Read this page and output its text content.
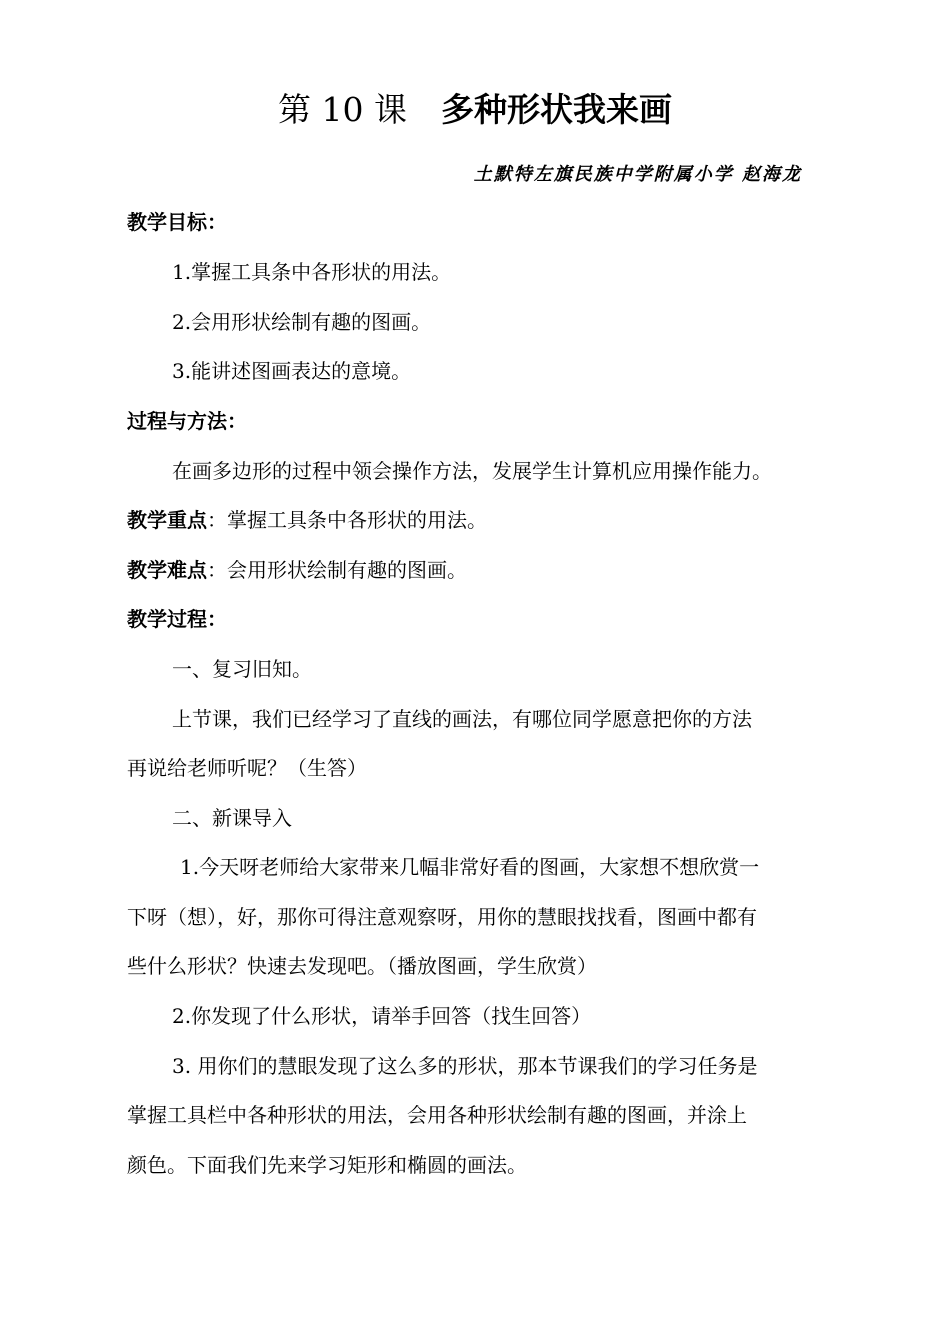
第 10 课 多种形状我来画
土默特左旗民族中学附属小学 赵海龙
教学目标：
1.掌握工具条中各形状的用法。
2.会用形状绘制有趣的图画。
3.能讲述图画表达的意境。
过程与方法：
在画多边形的过程中领会操作方法，发展学生计算机应用操作能力。
教学重点：掌握工具条中各形状的用法。
教学难点：会用形状绘制有趣的图画。
教学过程：
一、复习旧知。
上节课，我们已经学习了直线的画法，有哪位同学愿意把你的方法
再说给老师听呢？（生答）
二、新课导入
1.今天呀老师给大家带来几幅非常好看的图画，大家想不想欣赏一
下呀（想），好，那你可得注意观察呀，用你的慧眼找找看，图画中都有
些什么形状？快速去发现吧。（播放图画，学生欣赏）
2.你发现了什么形状，请举手回答（找生回答）
3. 用你们的慧眼发现了这么多的形状，那本节课我们的学习任务是
掌握工具栏中各种形状的用法，会用各种形状绘制有趣的图画，并涂上
颜色。下面我们先来学习矩形和椭圆的画法。
